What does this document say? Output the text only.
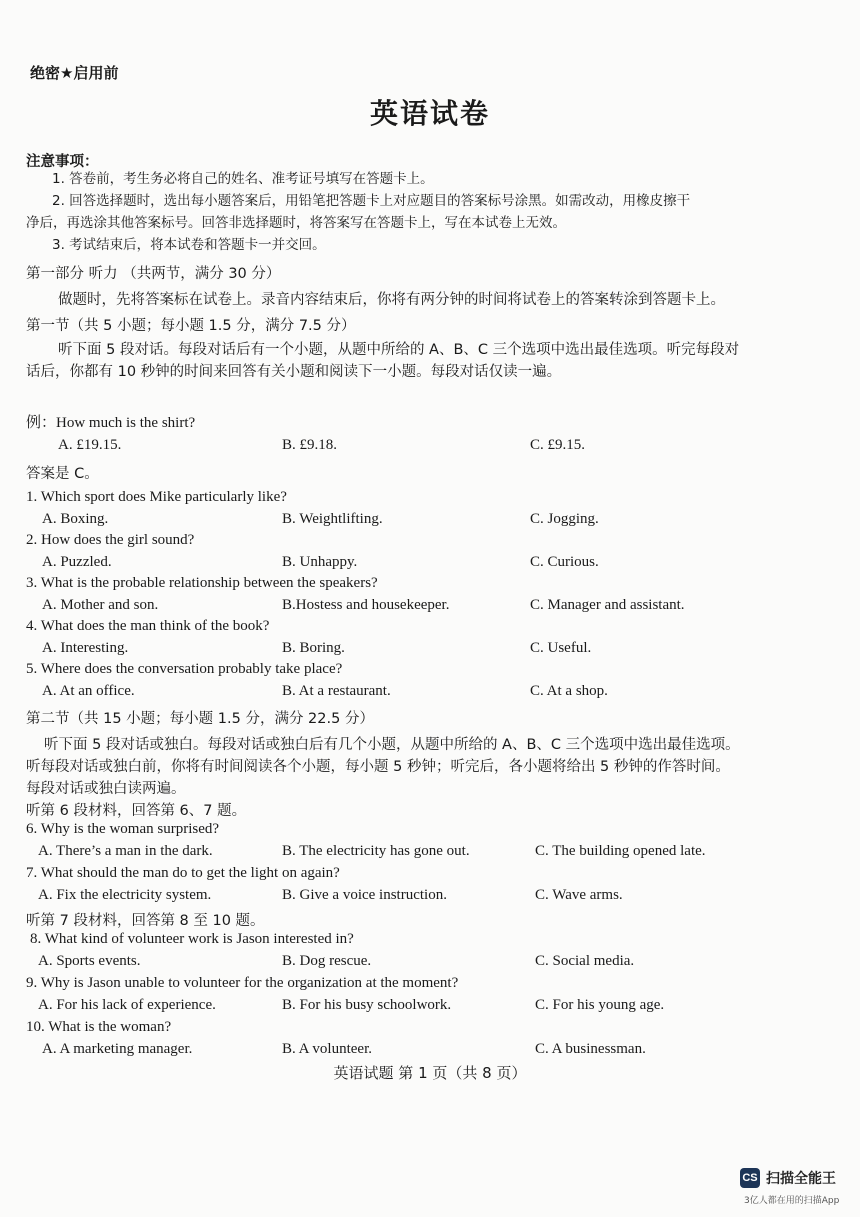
绝密★启用前
英语试卷
注意事项：
1. 答卷前，考生务必将自己的姓名、准考证号填写在答题卡上。
2. 回答选择题时，选出每小题答案后，用铅笔把答题卡上对应题目的答案标号涂黑。如需改动，用橡皮擦干
净后，再选涂其他答案标号。回答非选择题时，将答案写在答题卡上，写在本试卷上无效。
3. 考试结束后，将本试卷和答题卡一并交回。
第一部分 听力 （共两节，满分 30 分）
做题时，先将答案标在试卷上。录音内容结束后，你将有两分钟的时间将试卷上的答案转涂到答题卡上。
第一节（共 5 小题；每小题 1.5 分，满分 7.5 分）
听下面 5 段对话。每段对话后有一个小题，从题中所给的 A、B、C 三个选项中选出最佳选项。听完每段对
话后，你都有 10 秒钟的时间来回答有关小题和阅读下一小题。每段对话仅读一遍。
例：How much is the shirt?
A. £19.15.	B. £9.18.	C. £9.15.
答案是 C。
1. Which sport does Mike particularly like?
A. Boxing.	B. Weightlifting.	C. Jogging.
2. How does the girl sound?
A. Puzzled.	B. Unhappy.	C. Curious.
3. What is the probable relationship between the speakers?
A. Mother and son.	B.Hostess and housekeeper.	C. Manager and assistant.
4. What does the man think of the book?
A. Interesting.	B. Boring.	C. Useful.
5. Where does the conversation probably take place?
A. At an office.	B. At a restaurant.	C. At a shop.
第二节（共 15 小题；每小题 1.5 分，满分 22.5 分）
听下面 5 段对话或独白。每段对话或独白后有几个小题，从题中所给的 A、B、C 三个选项中选出最佳选项。
听每段对话或独白前，你将有时间阅读各个小题，每小题 5 秒钟；听完后，各小题将给出 5 秒钟的作答时间。
每段对话或独白读两遍。
听第 6 段材料，回答第 6、7 题。
6. Why is the woman surprised?
A. There’s a man in the dark.	B. The electricity has gone out.	C. The building opened late.
7. What should the man do to get the light on again?
A. Fix the electricity system.	B. Give a voice instruction.	C. Wave arms.
听第 7 段材料，回答第 8 至 10 题。
8. What kind of volunteer work is Jason interested in?
A. Sports events.	B. Dog rescue.	C. Social media.
9. Why is Jason unable to volunteer for the organization at the moment?
A. For his lack of experience.	B. For his busy schoolwork.	C. For his young age.
10. What is the woman?
A. A marketing manager.	B. A volunteer.	C. A businessman.
英语试题 第 1 页（共 8 页）
CS 扫描全能王
3亿人都在用的扫描App
